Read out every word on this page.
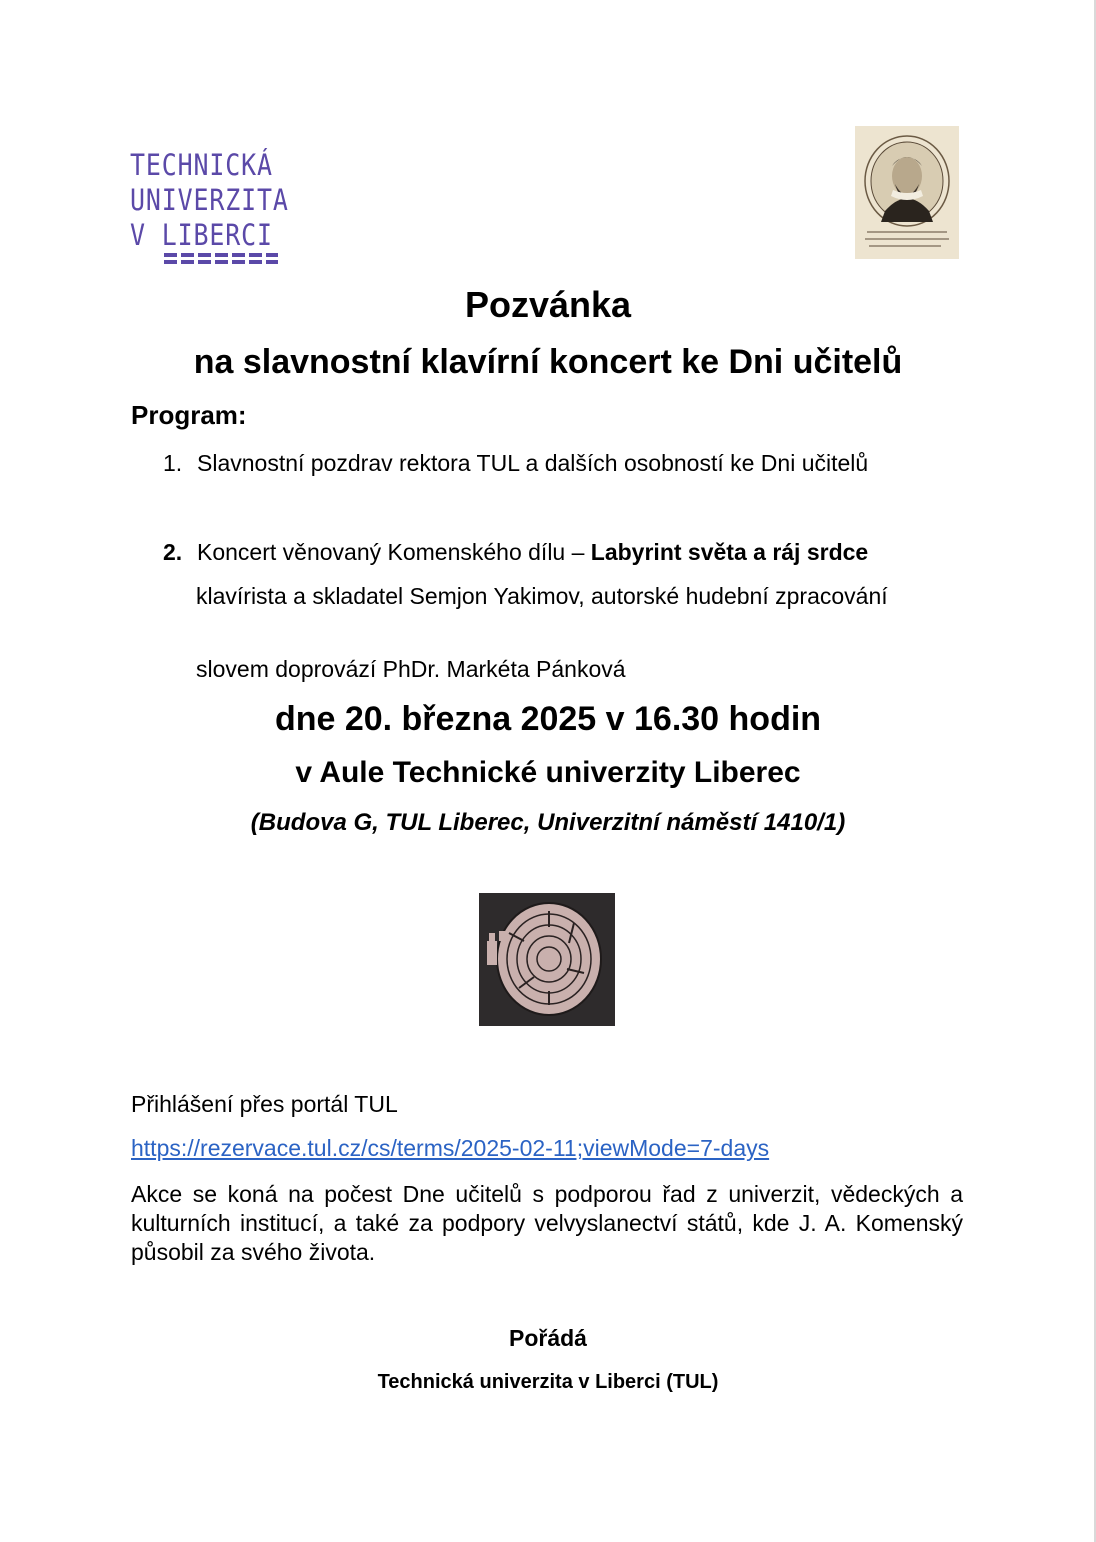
TECHNICKÁ
UNIVERZITA
V LIBERCI
Pozvánka
na slavnostní klavírní koncert ke Dni učitelů
Program:
1. Slavnostní pozdrav rektora TUL a dalších osobností ke Dni učitelů
2. Koncert věnovaný Komenského dílu – Labyrint světa a ráj srdce
klavírista a skladatel Semjon Yakimov, autorské hudební zpracování
slovem doprovází PhDr. Markéta Pánková
dne 20. března 2025 v 16.30 hodin
v Aule Technické univerzity Liberec
(Budova G, TUL Liberec, Univerzitní náměstí 1410/1)
Přihlášení přes portál TUL
https://rezervace.tul.cz/cs/terms/2025-02-11;viewMode=7-days
Akce se koná na počest Dne učitelů s podporou řad z univerzit, vědeckých a kulturních institucí, a také za podpory velvyslanectví států, kde J. A. Komenský působil za svého života.
Pořádá
Technická univerzita v Liberci (TUL)
